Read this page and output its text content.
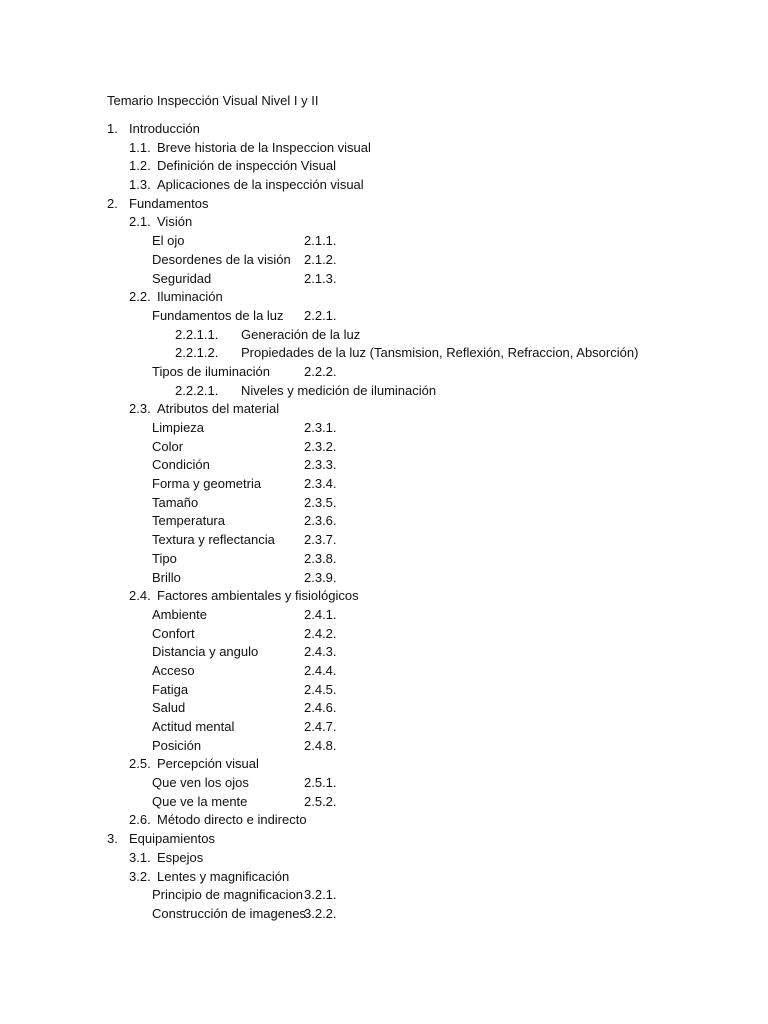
Temario Inspección Visual Nivel I y II
1. Introducción
1.1. Breve historia de la Inspeccion visual
1.2. Definición de inspección Visual
1.3. Aplicaciones de la inspección visual
2. Fundamentos
2.1. Visión
2.1.1.
El ojo
2.1.2.
Desordenes de la visión
2.1.3.
Seguridad
2.2. Iluminación
2.2.1.
Fundamentos de la luz
2.2.1.1. Generación de la luz
2.2.1.2. Propiedades de la luz (Tansmision, Reflexión, Refraccion, Absorción)
2.2.2.
Tipos de iluminación
2.2.2.1. Niveles y medición de iluminación
2.3. Atributos del material
2.3.1.
Limpieza
2.3.2.
Color
2.3.3.
Condición
2.3.4.
Forma y geometria
2.3.5.
Tamaño
2.3.6.
Temperatura
2.3.7.
Textura y reflectancia
2.3.8.
Tipo
2.3.9.
Brillo
2.4. Factores ambientales y fisiológicos
2.4.1.
Ambiente
2.4.2.
Confort
2.4.3.
Distancia y angulo
2.4.4.
Acceso
2.4.5.
Fatiga
2.4.6.
Salud
2.4.7.
Actitud mental
2.4.8.
Posición
2.5. Percepción visual
2.5.1.
Que ven los ojos
2.5.2.
Que ve la mente
2.6. Método directo e indirecto
3. Equipamientos
3.1. Espejos
3.2. Lentes y magnificación
3.2.1.
Principio de magnificacion
3.2.2.
Construcción de imagenes
